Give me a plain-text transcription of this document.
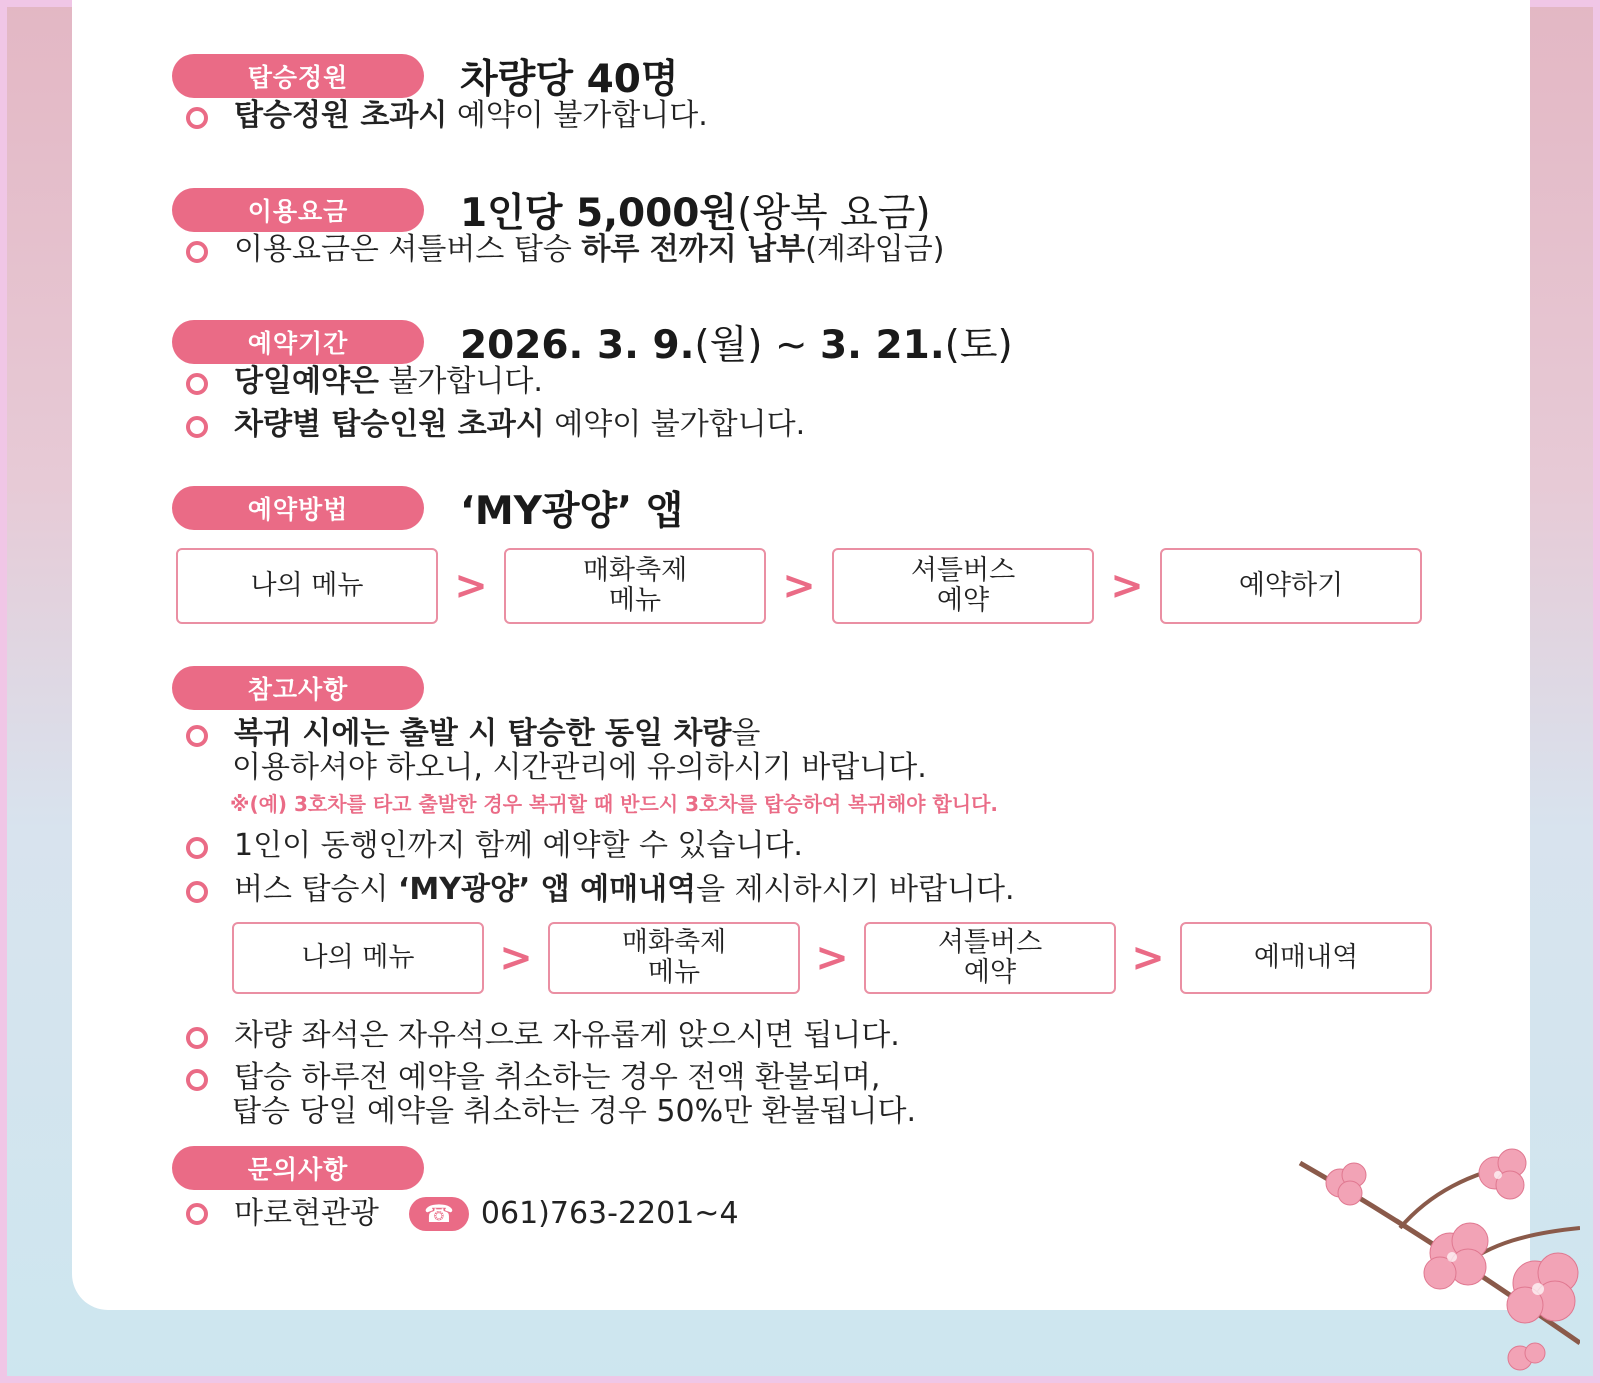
탑승정원	차량당 40명
탑승정원 초과시 예약이 불가합니다.
이용요금	1인당 5,000원(왕복 요금)
이용요금은 셔틀버스 탑승 하루 전까지 납부(계좌입금)
예약기간	2026. 3. 9.(월) ~ 3. 21.(토)
당일예약은 불가합니다.
차량별 탑승인원 초과시 예약이 불가합니다.
예약방법	‘MY광양’ 앱
나의 메뉴	>	매화축제
메뉴	>	셔틀버스
예약	>	예약하기
참고사항
복귀 시에는 출발 시 탑승한 동일 차량을
이용하셔야 하오니, 시간관리에 유의하시기 바랍니다.
※(예) 3호차를 타고 출발한 경우 복귀할 때 반드시 3호차를 탑승하여 복귀해야 합니다.
1인이 동행인까지 함께 예약할 수 있습니다.
버스 탑승시 ‘MY광양’ 앱 예매내역을 제시하시기 바랍니다.
나의 메뉴	>	매화축제
메뉴	>	셔틀버스
예약	>	예매내역
차량 좌석은 자유석으로 자유롭게 앉으시면 됩니다.
탑승 하루전 예약을 취소하는 경우 전액 환불되며,
탑승 당일 예약을 취소하는 경우 50%만 환불됩니다.
문의사항
마로현관광	☎ 061)763-2201~4
